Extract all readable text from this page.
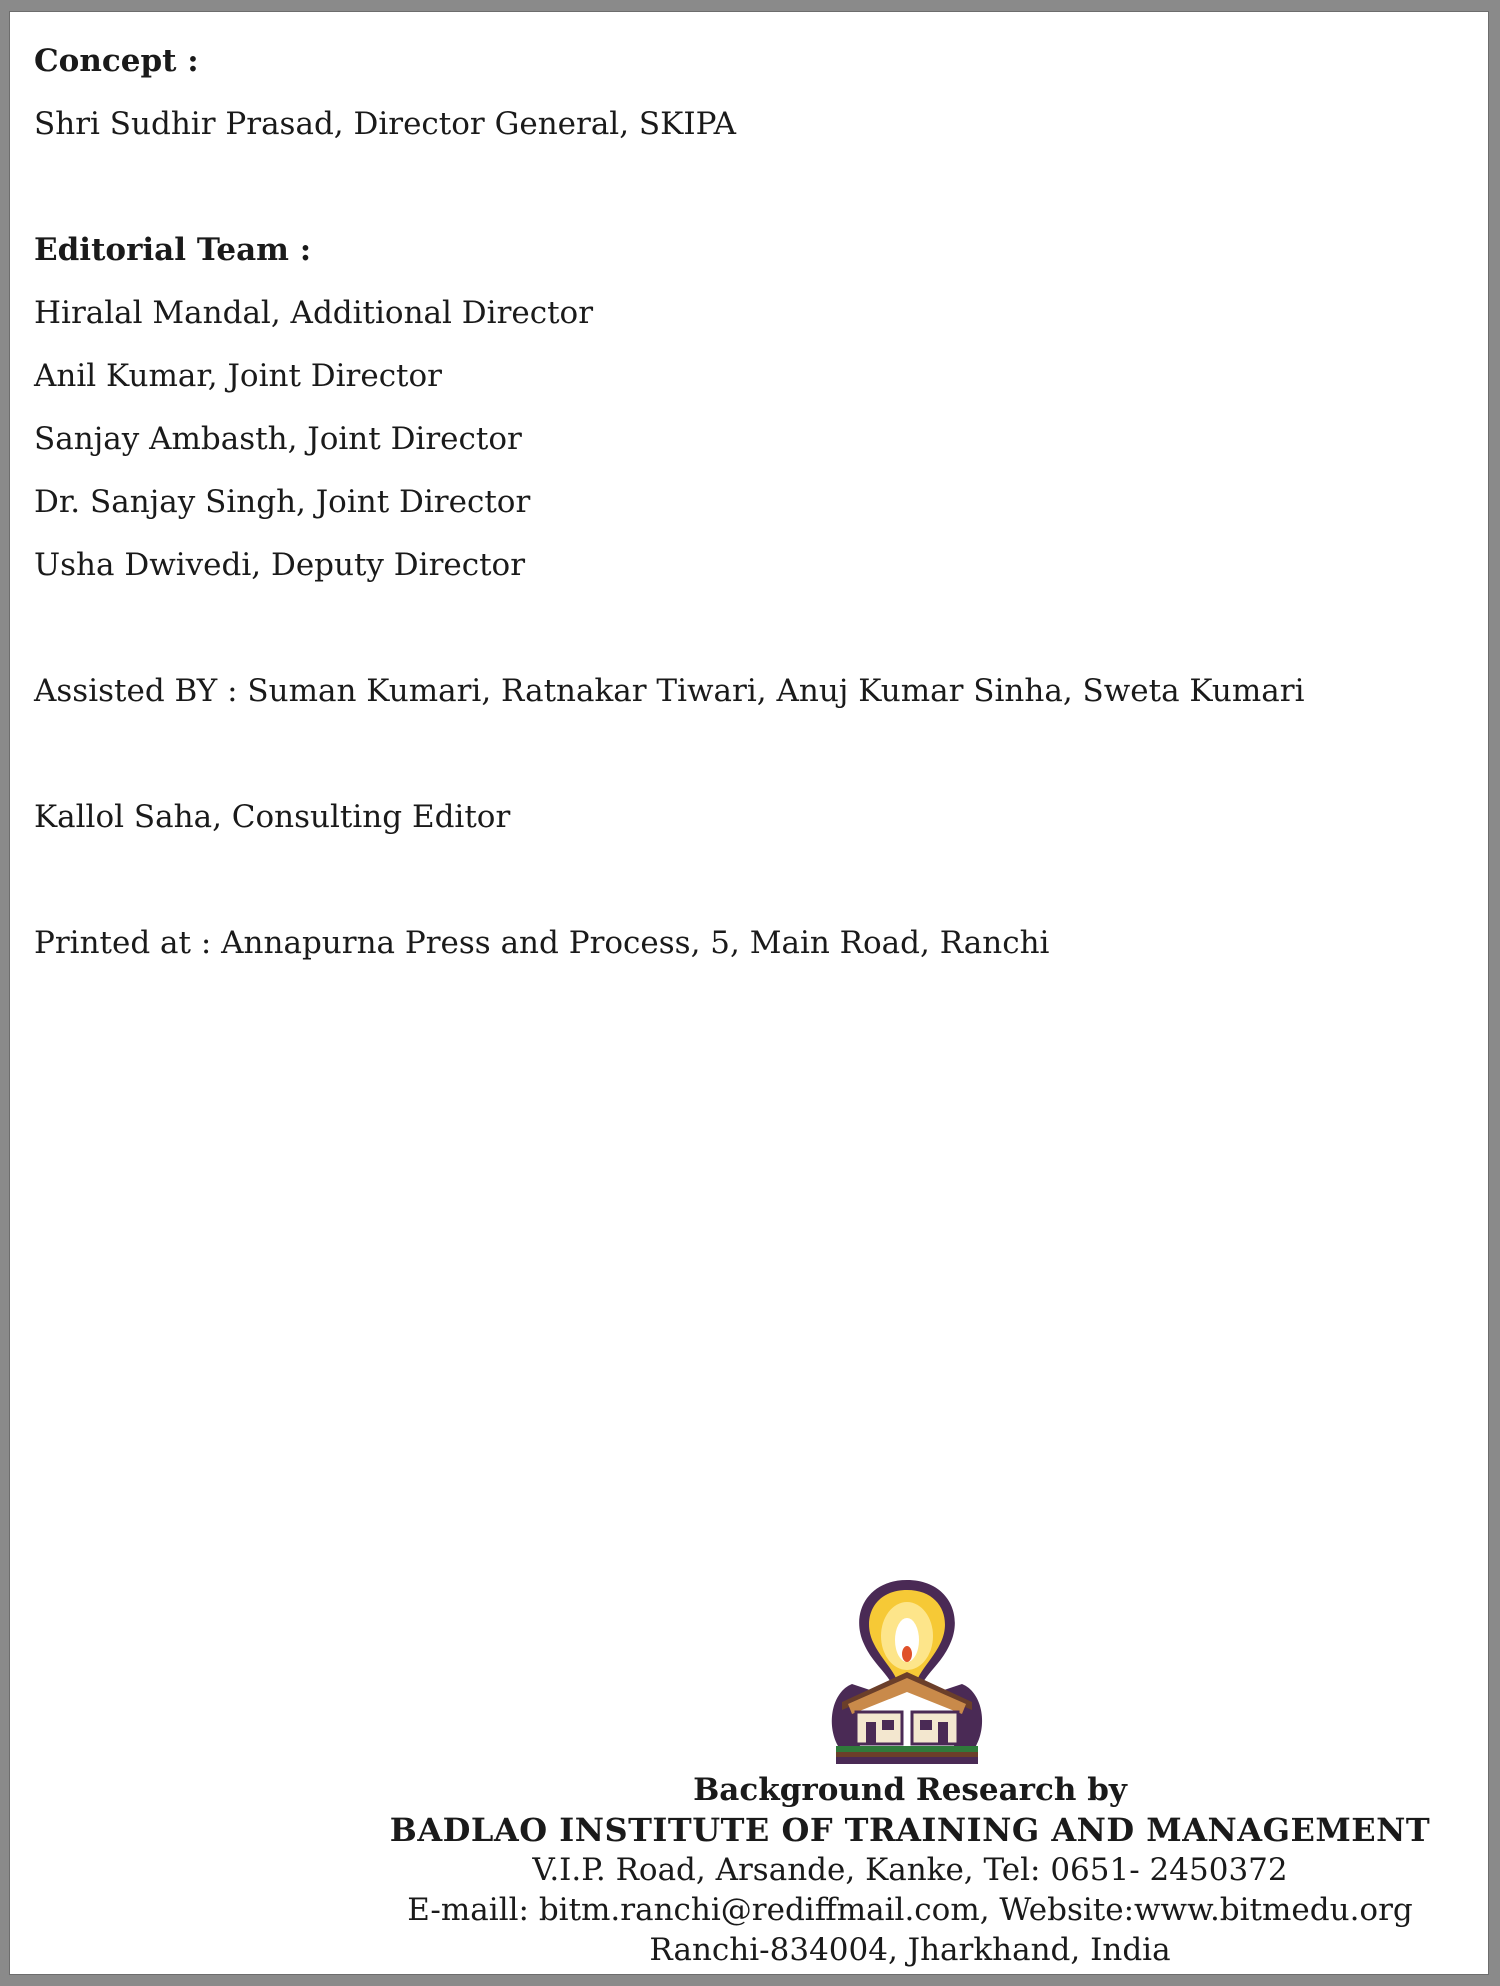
Concept :
Shri Sudhir Prasad, Director General, SKIPA
Editorial Team :
Hiralal Mandal, Additional Director
Anil Kumar, Joint Director
Sanjay Ambasth, Joint Director
Dr. Sanjay Singh, Joint Director
Usha Dwivedi, Deputy Director
Assisted BY : Suman Kumari, Ratnakar Tiwari, Anuj Kumar Sinha, Sweta Kumari
Kallol Saha, Consulting Editor
Printed at : Annapurna Press and Process, 5, Main Road, Ranchi
Background Research by
BADLAO INSTITUTE OF TRAINING AND MANAGEMENT
V.I.P. Road, Arsande, Kanke, Tel: 0651- 2450372
E-maill: bitm.ranchi@rediffmail.com, Website:www.bitmedu.org
Ranchi-834004, Jharkhand, India
